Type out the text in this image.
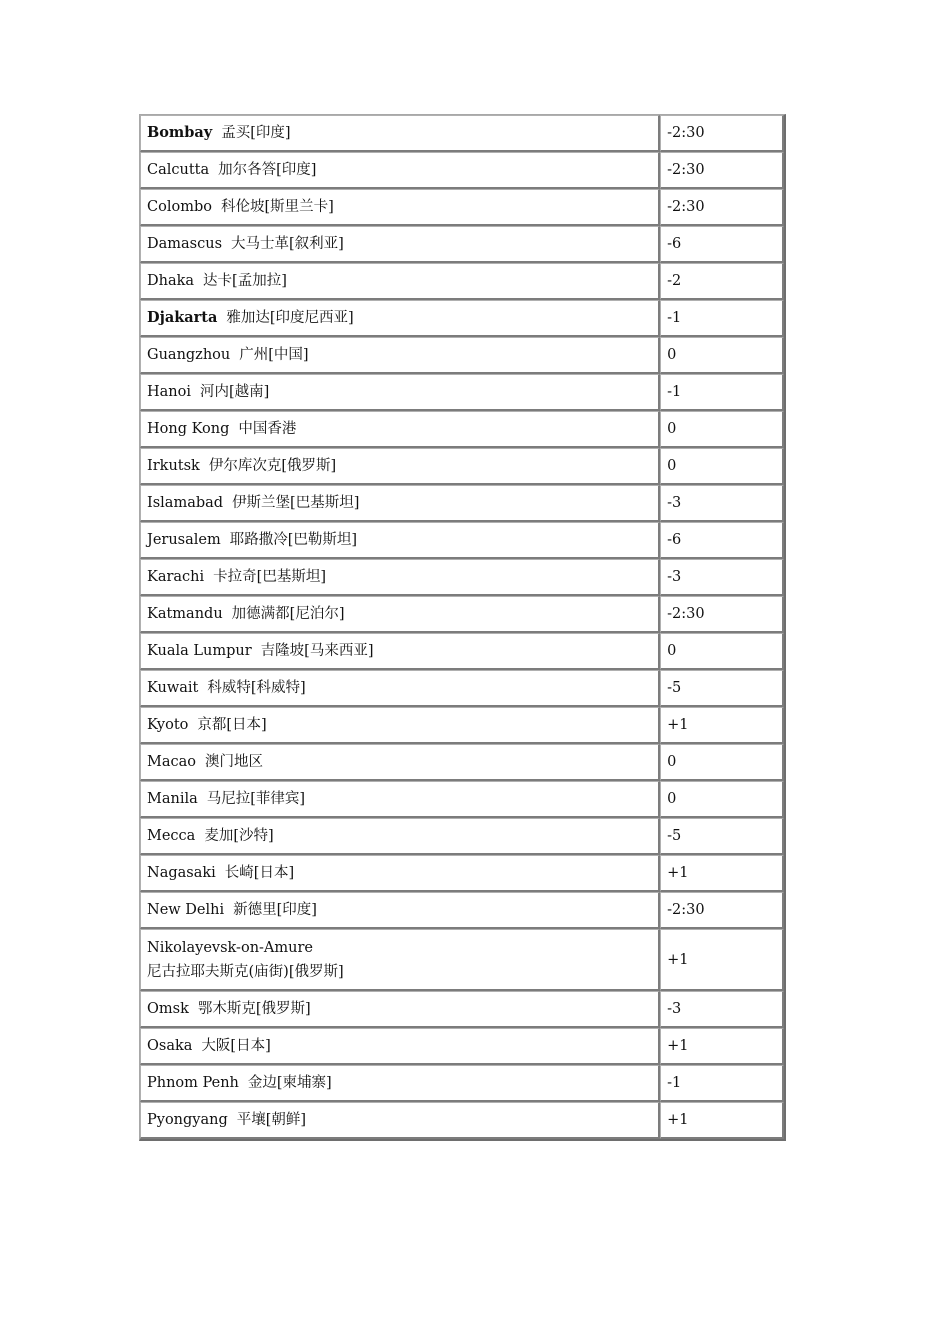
Bombay 孟买[印度]	-2:30
Calcutta 加尔各答[印度]	-2:30
Colombo 科伦坡[斯里兰卡]	-2:30
Damascus 大马士革[叙利亚]	-6
Dhaka 达卡[孟加拉]	-2
Djakarta 雅加达[印度尼西亚]	-1
Guangzhou 广州[中国]	0
Hanoi 河内[越南]	-1
Hong Kong 中国香港	0
Irkutsk 伊尔库次克[俄罗斯]	0
Islamabad 伊斯兰堡[巴基斯坦]	-3
Jerusalem 耶路撒冷[巴勒斯坦]	-6
Karachi 卡拉奇[巴基斯坦]	-3
Katmandu 加德满都[尼泊尔]	-2:30
Kuala Lumpur 吉隆坡[马来西亚]	0
Kuwait 科威特[科威特]	-5
Kyoto 京都[日本]	+1
Macao 澳门地区	0
Manila 马尼拉[菲律宾]	0
Mecca 麦加[沙特]	-5
Nagasaki 长崎[日本]	+1
New Delhi 新德里[印度]	-2:30
Nikolayevsk-on-Amure
尼古拉耶夫斯克(庙街)[俄罗斯]	+1
Omsk 鄂木斯克[俄罗斯]	-3
Osaka 大阪[日本]	+1
Phnom Penh 金边[柬埔寨]	-1
Pyongyang 平壤[朝鲜]	+1
